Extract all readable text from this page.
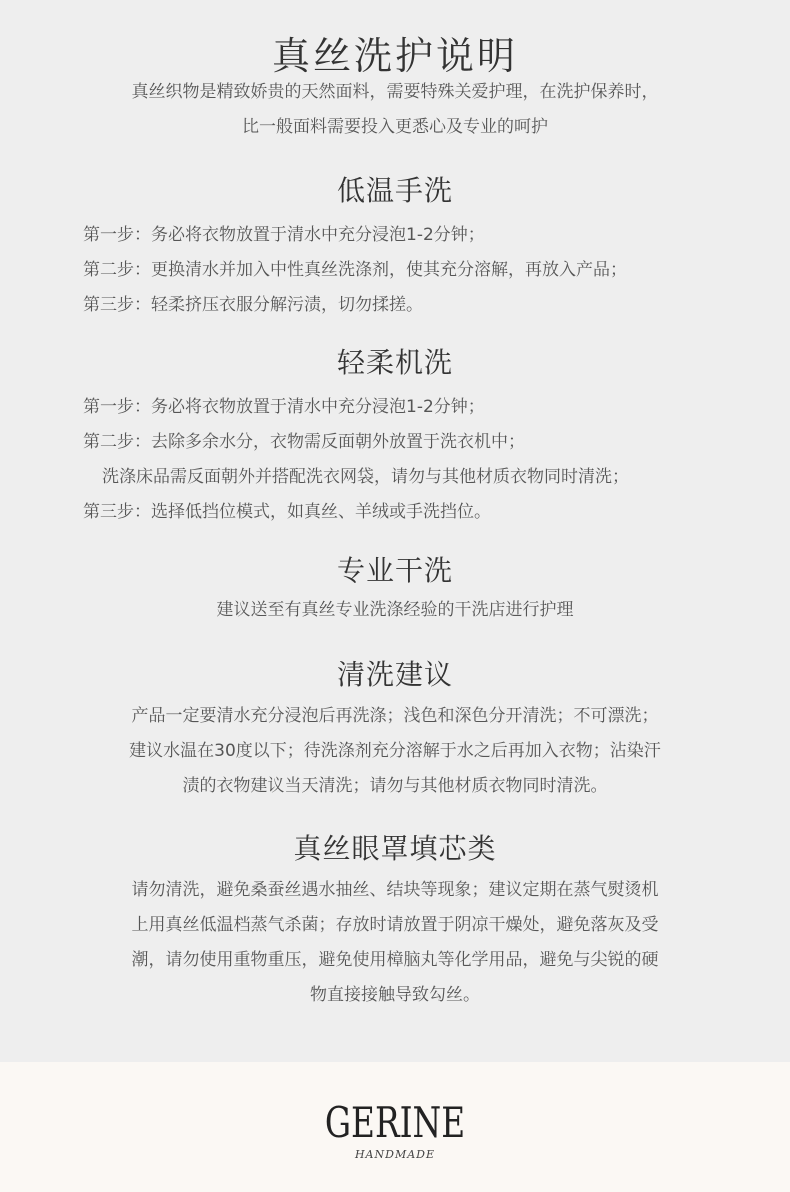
真丝洗护说明
真丝织物是精致娇贵的天然面料，需要特殊关爱护理，在洗护保养时，
比一般面料需要投入更悉心及专业的呵护
低温手洗
第一步：务必将衣物放置于清水中充分浸泡1-2分钟；
第二步：更换清水并加入中性真丝洗涤剂，使其充分溶解，再放入产品；
第三步：轻柔挤压衣服分解污渍，切勿揉搓。
轻柔机洗
第一步：务必将衣物放置于清水中充分浸泡1-2分钟；
第二步：去除多余水分，衣物需反面朝外放置于洗衣机中；
洗涤床品需反面朝外并搭配洗衣网袋，请勿与其他材质衣物同时清洗；
第三步：选择低挡位模式，如真丝、羊绒或手洗挡位。
专业干洗
建议送至有真丝专业洗涤经验的干洗店进行护理
清洗建议
产品一定要清水充分浸泡后再洗涤；浅色和深色分开清洗；不可漂洗；
建议水温在30度以下；待洗涤剂充分溶解于水之后再加入衣物；沾染汗
渍的衣物建议当天清洗；请勿与其他材质衣物同时清洗。
真丝眼罩填芯类
请勿清洗，避免桑蚕丝遇水抽丝、结块等现象；建议定期在蒸气熨烫机
上用真丝低温档蒸气杀菌；存放时请放置于阴凉干燥处，避免落灰及受
潮，请勿使用重物重压，避免使用樟脑丸等化学用品，避免与尖锐的硬
物直接接触导致勾丝。
GERINE
HANDMADE
